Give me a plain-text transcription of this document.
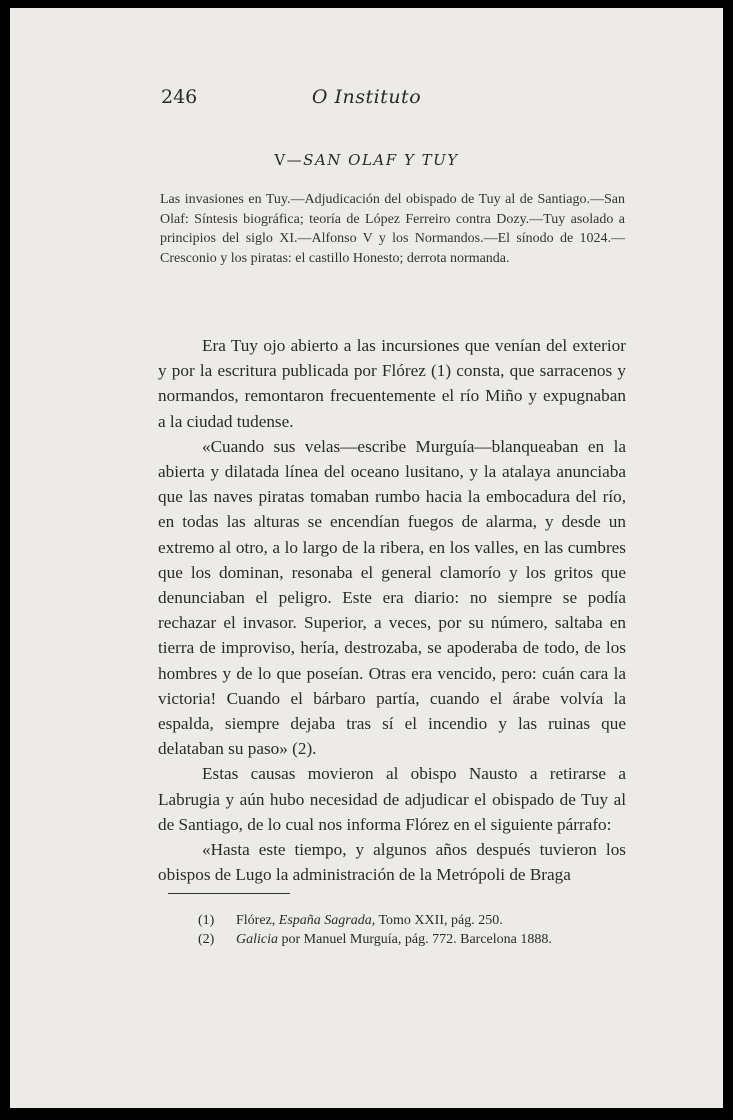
246	O Instituto
V—SAN OLAF Y TUY
Las invasiones en Tuy.—Adjudicación del obispado de Tuy al de Santiago.—San Olaf: Síntesis biográfica; teoría de López Ferreiro contra Dozy.—Tuy asolado a principios del siglo XI.—Alfonso V y los Normandos.—El sínodo de 1024.—Cresconio y los piratas: el castillo Honesto; derrota normanda.

Era Tuy ojo abierto a las incursiones que venían del exterior y por la escritura publicada por Flórez (1) consta, que sarracenos y normandos, remontaron frecuentemente el río Miño y expugnaban a la ciudad tudense.

«Cuando sus velas—escribe Murguía—blanqueaban en la abierta y dilatada línea del oceano lusitano, y la atalaya anunciaba que las naves piratas tomaban rumbo hacia la embocadura del río, en todas las alturas se encendían fuegos de alarma, y desde un extremo al otro, a lo largo de la ribera, en los valles, en las cumbres que los dominan, resonaba el general clamorío y los gritos que denunciaban el peligro. Este era diario: no siempre se podía rechazar el invasor. Superior, a veces, por su número, saltaba en tierra de improviso, hería, destrozaba, se apoderaba de todo, de los hombres y de lo que poseían. Otras era vencido, pero: cuán cara la victoria! Cuando el bárbaro partía, cuando el árabe volvía la espalda, siempre dejaba tras sí el incendio y las ruinas que delataban su paso» (2).

Estas causas movieron al obispo Nausto a retirarse a Labrugia y aún hubo necesidad de adjudicar el obispado de Tuy al de Santiago, de lo cual nos informa Flórez en el siguiente párrafo:

«Hasta este tiempo, y algunos años después tuvieron los obispos de Lugo la administración de la Metrópoli de Braga

(1)	Flórez, España Sagrada, Tomo XXII, pág. 250.
(2)	Galicia por Manuel Murguía, pág. 772. Barcelona 1888.
